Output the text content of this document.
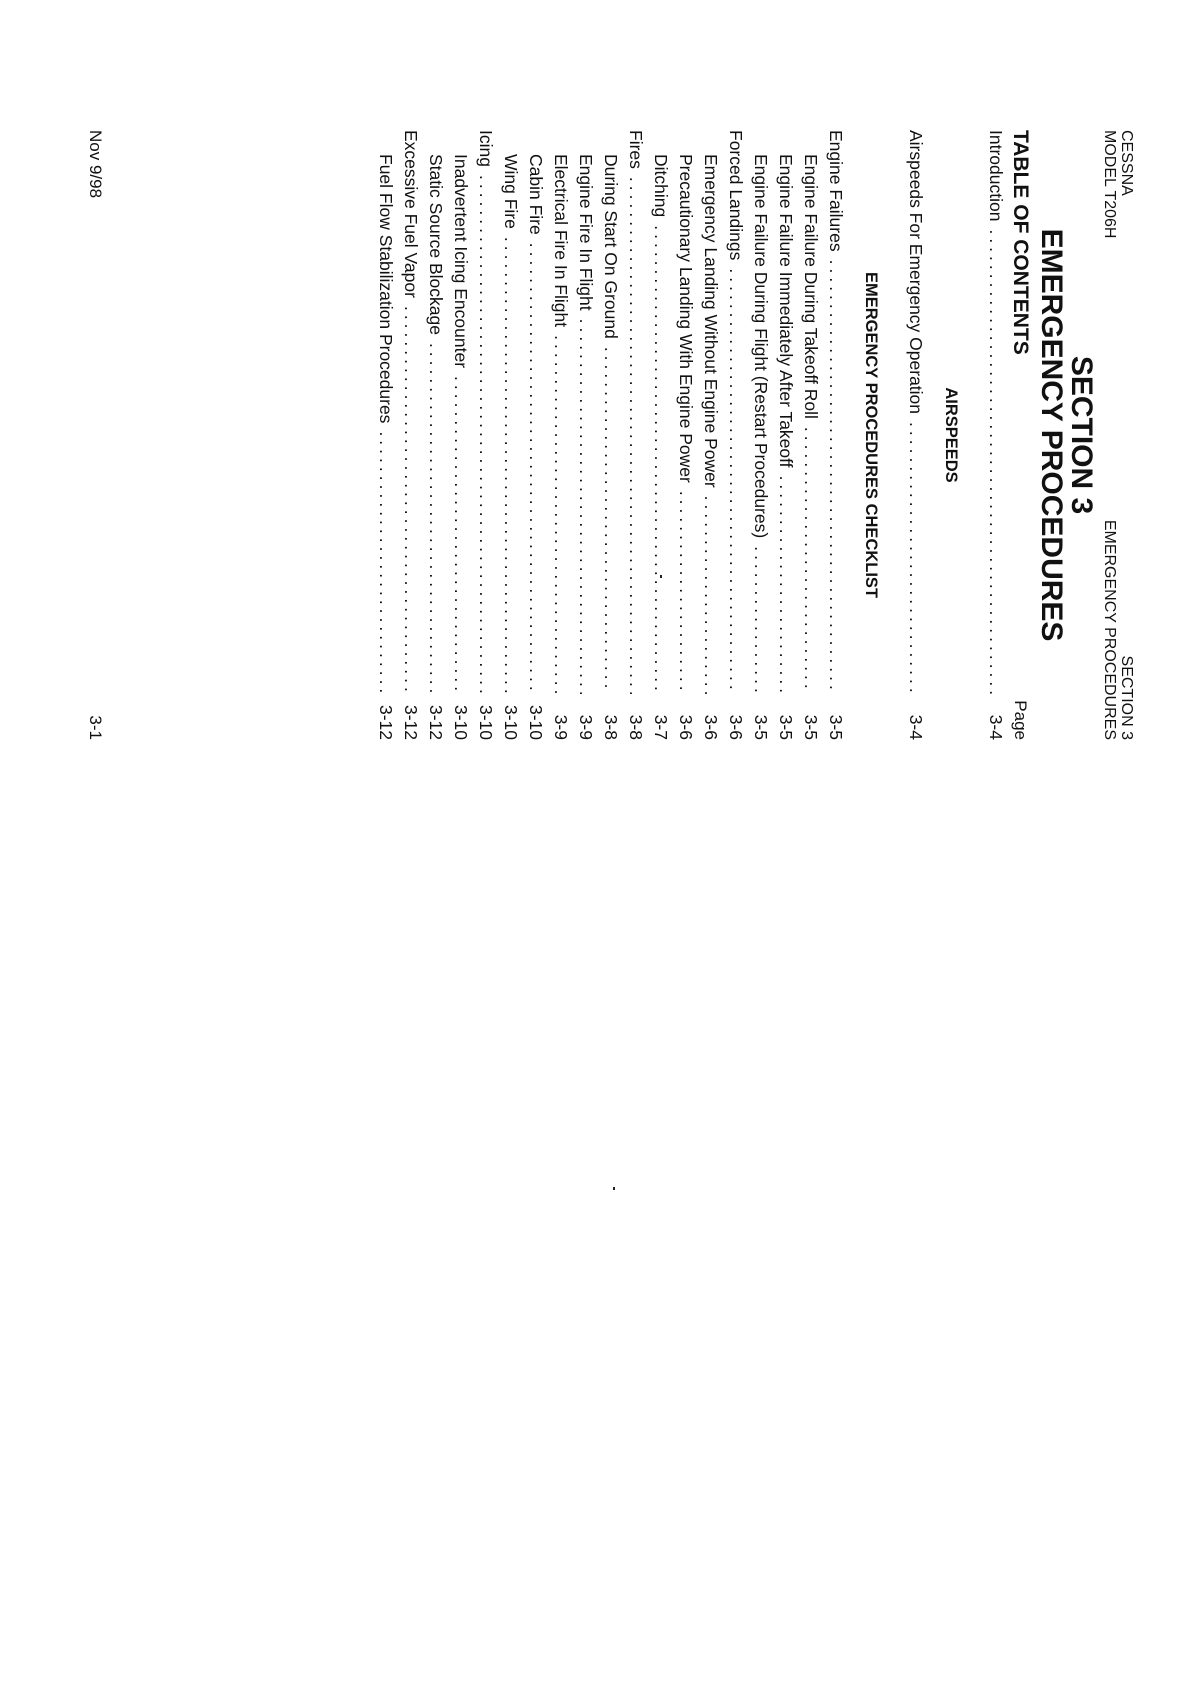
CESSNA
MODEL T206H
SECTION 3
EMERGENCY PROCEDURES
SECTION 3
EMERGENCY PROCEDURES
TABLE OF CONTENTS
Page
Introduction
.....
3-4
AIRSPEEDS
Airspeeds For Emergency Operation
.....
3-4
EMERGENCY PROCEDURES CHECKLIST
Engine Failures
.....
3-5
Engine Failure During Takeoff Roll
.....
3-5
Engine Failure Immediately After Takeoff
.....
3-5
Engine Failure During Flight (Restart Procedures)
.....
3-5
Forced Landings
.....
3-6
Emergency Landing Without Engine Power
.....
3-6
Precautionary Landing With Engine Power
.....
3-6
Ditching
.....
3-7
Fires
.....
3-8
During Start On Ground
.....
3-8
Engine Fire In Flight
.....
3-9
Electrical Fire In Flight
.....
3-9
Cabin Fire
.....
3-10
Wing Fire
.....
3-10
Icing
.....
3-10
Inadvertent Icing Encounter
.....
3-10
Static Source Blockage
.....
3-12
Excessive Fuel Vapor
.....
3-12
Fuel Flow Stabilization Procedures
.....
3-12
Nov 9/98
3-1
